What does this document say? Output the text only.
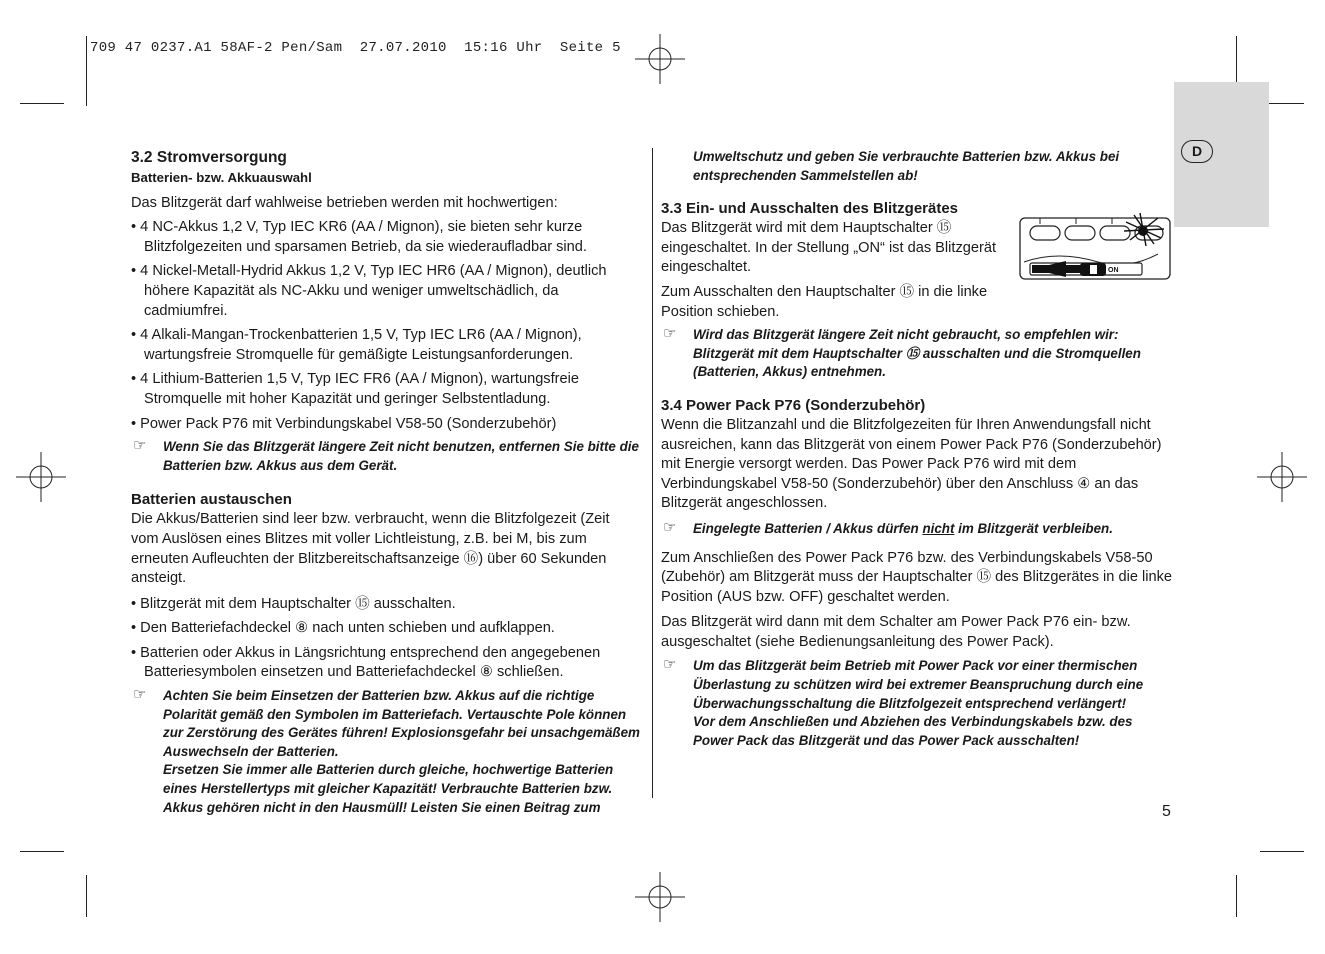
709 47 0237.A1 58AF-2 Pen/Sam  27.07.2010  15:16 Uhr  Seite 5
D

3.2 Stromversorgung

Batterien- bzw. Akkuauswahl

Das Blitzgerät darf wahlweise betrieben werden mit hochwertigen:

• 4 NC-Akkus 1,2 V, Typ IEC KR6 (AA / Mignon), sie bieten sehr kurze Blitzfolgezeiten und sparsamen Betrieb, da sie wiederaufladbar sind.

• 4 Nickel-Metall-Hydrid Akkus 1,2 V, Typ IEC HR6 (AA / Mignon), deutlich höhere Kapazität als NC-Akku und weniger umweltschädlich, da cadmiumfrei.

• 4 Alkali-Mangan-Trockenbatterien 1,5 V, Typ IEC LR6 (AA / Mignon), wartungsfreie Stromquelle für gemäßigte Leistungsanforderungen.

• 4 Lithium-Batterien 1,5 V, Typ IEC FR6 (AA / Mignon), wartungsfreie Stromquelle mit hoher Kapazität und geringer Selbstentladung.

• Power Pack P76 mit Verbindungskabel V58-50 (Sonderzubehör)

☞ Wenn Sie das Blitzgerät längere Zeit nicht benutzen, entfernen Sie bitte die Batterien bzw. Akkus aus dem Gerät.

Batterien austauschen

Die Akkus/Batterien sind leer bzw. verbraucht, wenn die Blitzfolgezeit (Zeit vom Auslösen eines Blitzes mit voller Lichtleistung, z.B. bei M, bis zum erneuten Aufleuchten der Blitzbereitschaftsanzeige ⑯) über 60 Sekunden ansteigt.

• Blitzgerät mit dem Hauptschalter ⑮ ausschalten.

• Den Batteriefachdeckel ⑧ nach unten schieben und aufklappen.

• Batterien oder Akkus in Längsrichtung entsprechend den angegebenen Batteriesymbolen einsetzen und Batteriefachdeckel ⑧ schließen.

☞ Achten Sie beim Einsetzen der Batterien bzw. Akkus auf die richtige Polarität gemäß den Symbolen im Batteriefach. Vertauschte Pole können zur Zerstörung des Gerätes führen! Explosionsgefahr bei unsachgemäßem Auswechseln der Batterien.
Ersetzen Sie immer alle Batterien durch gleiche, hochwertige Batterien eines Herstellertyps mit gleicher Kapazität! Verbrauchte Batterien bzw. Akkus gehören nicht in den Hausmüll! Leisten Sie einen Beitrag zum
Umweltschutz und geben Sie verbrauchte Batterien bzw. Akkus bei entsprechenden Sammelstellen ab!

3.3 Ein- und Ausschalten des Blitzgerätes

Das Blitzgerät wird mit dem Hauptschalter ⑮ eingeschaltet. In der Stellung „ON“ ist das Blitzgerät eingeschaltet.

Zum Ausschalten den Hauptschalter ⑮ in die linke Position schieben.

☞ Wird das Blitzgerät längere Zeit nicht gebraucht, so empfehlen wir: Blitzgerät mit dem Hauptschalter ⑮ ausschalten und die Stromquellen (Batterien, Akkus) entnehmen.

3.4 Power Pack P76 (Sonderzubehör)

Wenn die Blitzanzahl und die Blitzfolgezeiten für Ihren Anwendungsfall nicht ausreichen, kann das Blitzgerät von einem Power Pack P76 (Sonderzubehör) mit Energie versorgt werden. Das Power Pack P76 wird mit dem Verbindungskabel V58-50 (Sonderzubehör) über den Anschluss ④ an das Blitzgerät angeschlossen.

☞ Eingelegte Batterien / Akkus dürfen nicht im Blitzgerät verbleiben.

Zum Anschließen des Power Pack P76 bzw. des Verbindungskabels V58-50 (Zubehör) am Blitzgerät muss der Hauptschalter ⑮ des Blitzgerätes in die linke Position (AUS bzw. OFF) geschaltet werden.

Das Blitzgerät wird dann mit dem Schalter am Power Pack P76 ein- bzw. ausgeschaltet (siehe Bedienungsanleitung des Power Pack).

☞ Um das Blitzgerät beim Betrieb mit Power Pack vor einer thermischen Überlastung zu schützen wird bei extremer Beanspruchung durch eine Überwachungsschaltung die Blitzfolgezeit entsprechend verlängert!
Vor dem Anschließen und Abziehen des Verbindungskabels bzw. des Power Pack das Blitzgerät und das Power Pack ausschalten!
ON
5
